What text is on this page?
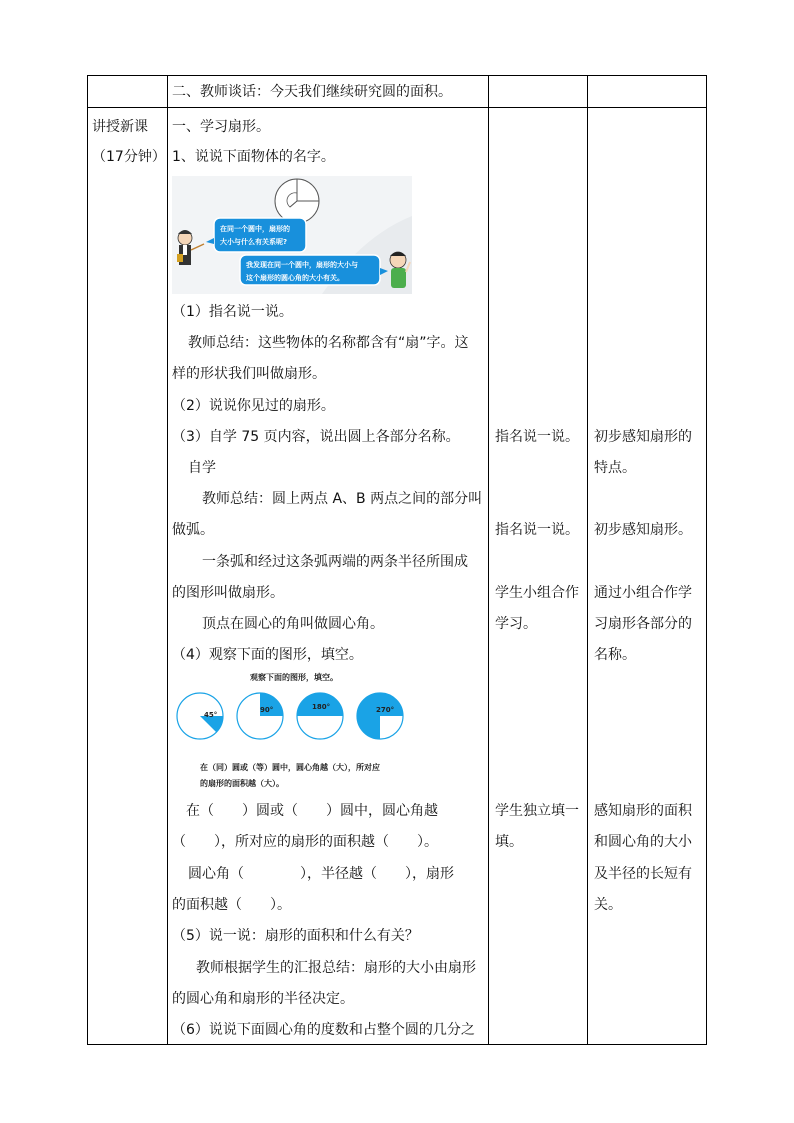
二、教师谈话：今天我们继续研究圆的面积。
讲授新课
（17分钟）
一、学习扇形。
1、说说下面物体的名字。
在同一个圆中，扇形的
大小与什么有关系呢?
我发现在同一个圆中，扇形的大小与
这个扇形的圆心角的大小有关。
（1）指名说一说。
教师总结：这些物体的名称都含有“扇”字。这
样的形状我们叫做扇形。
（2）说说你见过的扇形。
（3）自学 75 页内容，说出圆上各部分名称。
自学
教师总结：圆上两点 A、B 两点之间的部分叫
做弧。
一条弧和经过这条弧两端的两条半径所围成
的图形叫做扇形。
顶点在圆心的角叫做圆心角。
（4）观察下面的图形，填空。
观察下面的图形，填空。
45°
90°	180°	270°
在（同）圆或（等）圆中，圆心角越（大），所对应
的扇形的面积越（大）。
在（　　）圆或（　　）圆中，圆心角越
（　　），所对应的扇形的面积越（　　）。
圆心角（　　　　），半径越（　　），扇形
的面积越（　　）。
（5）说一说：扇形的面积和什么有关？
教师根据学生的汇报总结：扇形的大小由扇形
的圆心角和扇形的半径决定。
（6）说说下面圆心角的度数和占整个圆的几分之
指名说一说。
指名说一说。
学生小组合作
学习。
学生独立填一
填。
初步感知扇形的
特点。
初步感知扇形。
通过小组合作学
习扇形各部分的
名称。
感知扇形的面积
和圆心角的大小
及半径的长短有
关。
